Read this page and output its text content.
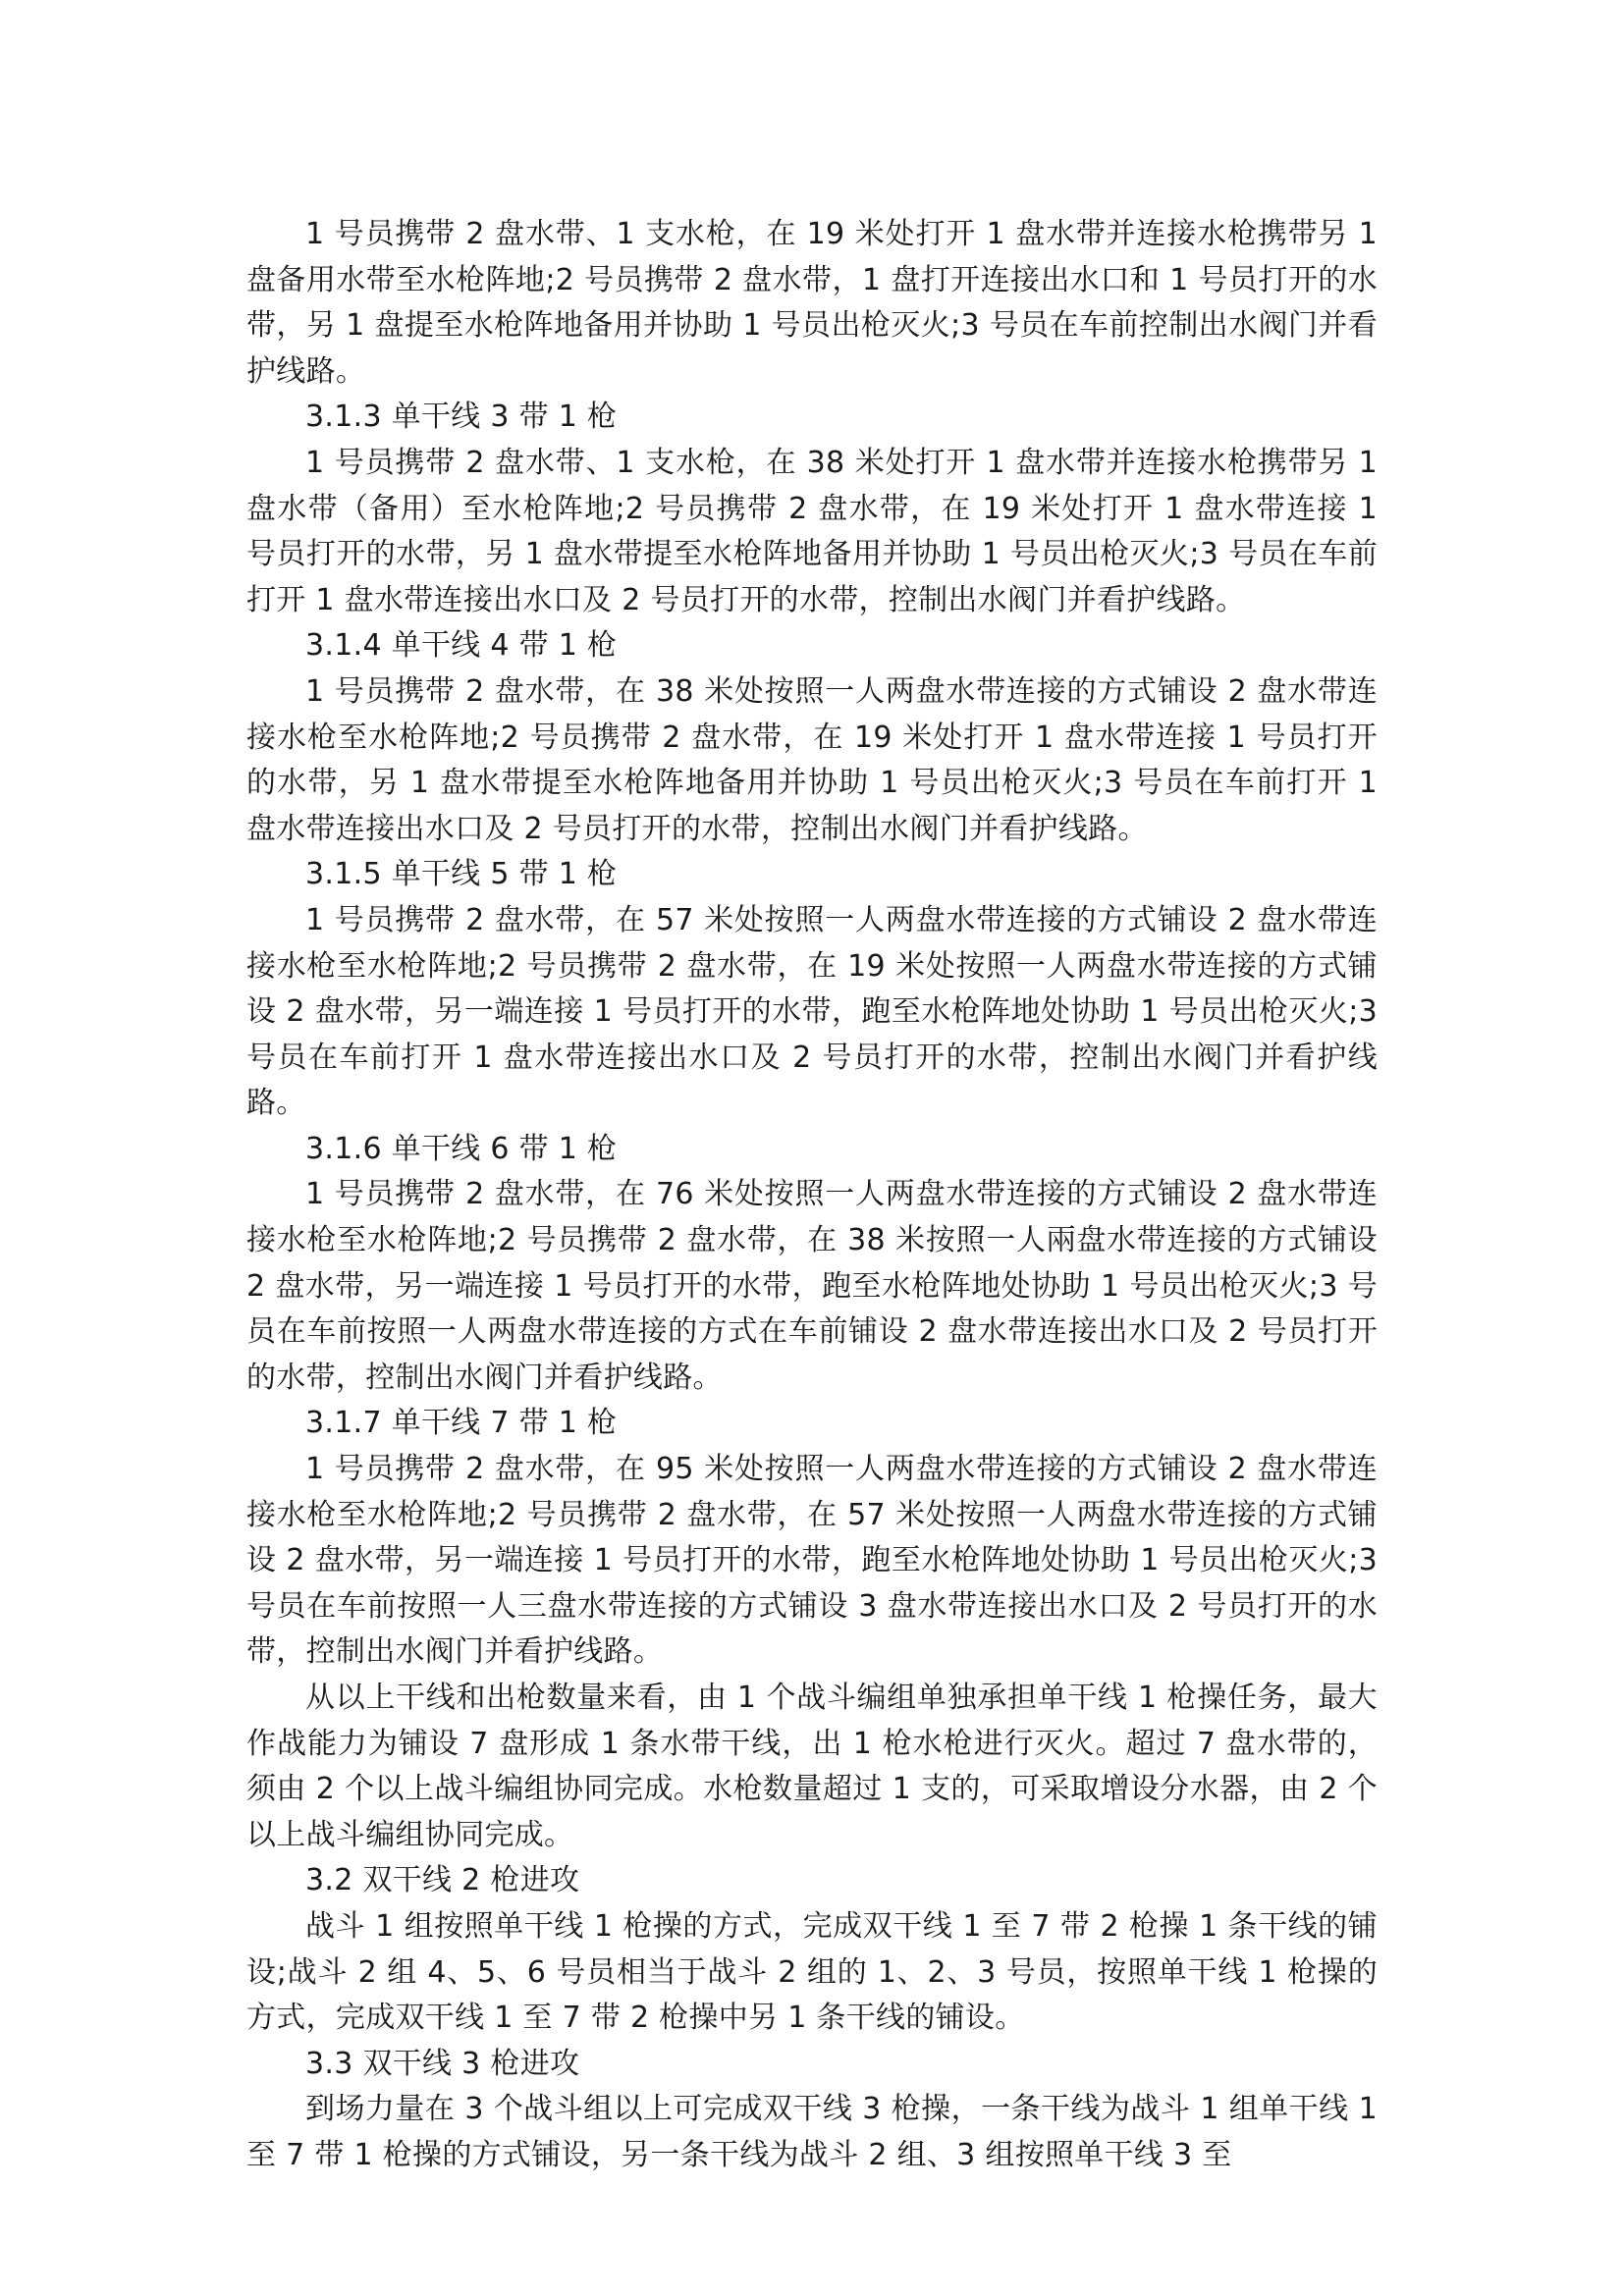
1 号员携带 2 盘水带、1 支水枪，在 19 米处打开 1 盘水带并连接水枪携带另 1 盘备用水带至水枪阵地;2 号员携带 2 盘水带，1 盘打开连接出水口和 1 号员打开的水带，另 1 盘提至水枪阵地备用并协助 1 号员出枪灭火;3 号员在车前控制出水阀门并看护线路。

3.1.3 单干线 3 带 1 枪

1 号员携带 2 盘水带、1 支水枪，在 38 米处打开 1 盘水带并连接水枪携带另 1 盘水带（备用）至水枪阵地;2 号员携带 2 盘水带，在 19 米处打开 1 盘水带连接 1 号员打开的水带，另 1 盘水带提至水枪阵地备用并协助 1 号员出枪灭火;3 号员在车前打开 1 盘水带连接出水口及 2 号员打开的水带，控制出水阀门并看护线路。

3.1.4 单干线 4 带 1 枪

1 号员携带 2 盘水带，在 38 米处按照一人两盘水带连接的方式铺设 2 盘水带连接水枪至水枪阵地;2 号员携带 2 盘水带，在 19 米处打开 1 盘水带连接 1 号员打开的水带，另 1 盘水带提至水枪阵地备用并协助 1 号员出枪灭火;3 号员在车前打开 1 盘水带连接出水口及 2 号员打开的水带，控制出水阀门并看护线路。

3.1.5 单干线 5 带 1 枪

1 号员携带 2 盘水带，在 57 米处按照一人两盘水带连接的方式铺设 2 盘水带连接水枪至水枪阵地;2 号员携带 2 盘水带，在 19 米处按照一人两盘水带连接的方式铺设 2 盘水带，另一端连接 1 号员打开的水带，跑至水枪阵地处协助 1 号员出枪灭火;3 号员在车前打开 1 盘水带连接出水口及 2 号员打开的水带，控制出水阀门并看护线路。

3.1.6 单干线 6 带 1 枪

1 号员携带 2 盘水带，在 76 米处按照一人两盘水带连接的方式铺设 2 盘水带连接水枪至水枪阵地;2 号员携带 2 盘水带，在 38 米按照一人兩盘水带连接的方式铺设 2 盘水带，另一端连接 1 号员打开的水带，跑至水枪阵地处协助 1 号员出枪灭火;3 号员在车前按照一人两盘水带连接的方式在车前铺设 2 盘水带连接出水口及 2 号员打开的水带，控制出水阀门并看护线路。

3.1.7 单干线 7 带 1 枪

1 号员携带 2 盘水带，在 95 米处按照一人两盘水带连接的方式铺设 2 盘水带连接水枪至水枪阵地;2 号员携带 2 盘水带，在 57 米处按照一人两盘水带连接的方式铺设 2 盘水带，另一端连接 1 号员打开的水带，跑至水枪阵地处协助 1 号员出枪灭火;3 号员在车前按照一人三盘水带连接的方式铺设 3 盘水带连接出水口及 2 号员打开的水带，控制出水阀门并看护线路。

从以上干线和出枪数量来看，由 1 个战斗编组单独承担单干线 1 枪操任务，最大作战能力为铺设 7 盘形成 1 条水带干线，出 1 枪水枪进行灭火。超过 7 盘水带的，须由 2 个以上战斗编组协同完成。水枪数量超过 1 支的，可采取增设分水器，由 2 个以上战斗编组协同完成。

3.2 双干线 2 枪进攻

战斗 1 组按照单干线 1 枪操的方式，完成双干线 1 至 7 带 2 枪操 1 条干线的铺设;战斗 2 组 4、5、6 号员相当于战斗 2 组的 1、2、3 号员，按照单干线 1 枪操的方式，完成双干线 1 至 7 带 2 枪操中另 1 条干线的铺设。

3.3 双干线 3 枪进攻

到场力量在 3 个战斗组以上可完成双干线 3 枪操，一条干线为战斗 1 组单干线 1 至 7 带 1 枪操的方式铺设，另一条干线为战斗 2 组、3 组按照单干线 3 至
